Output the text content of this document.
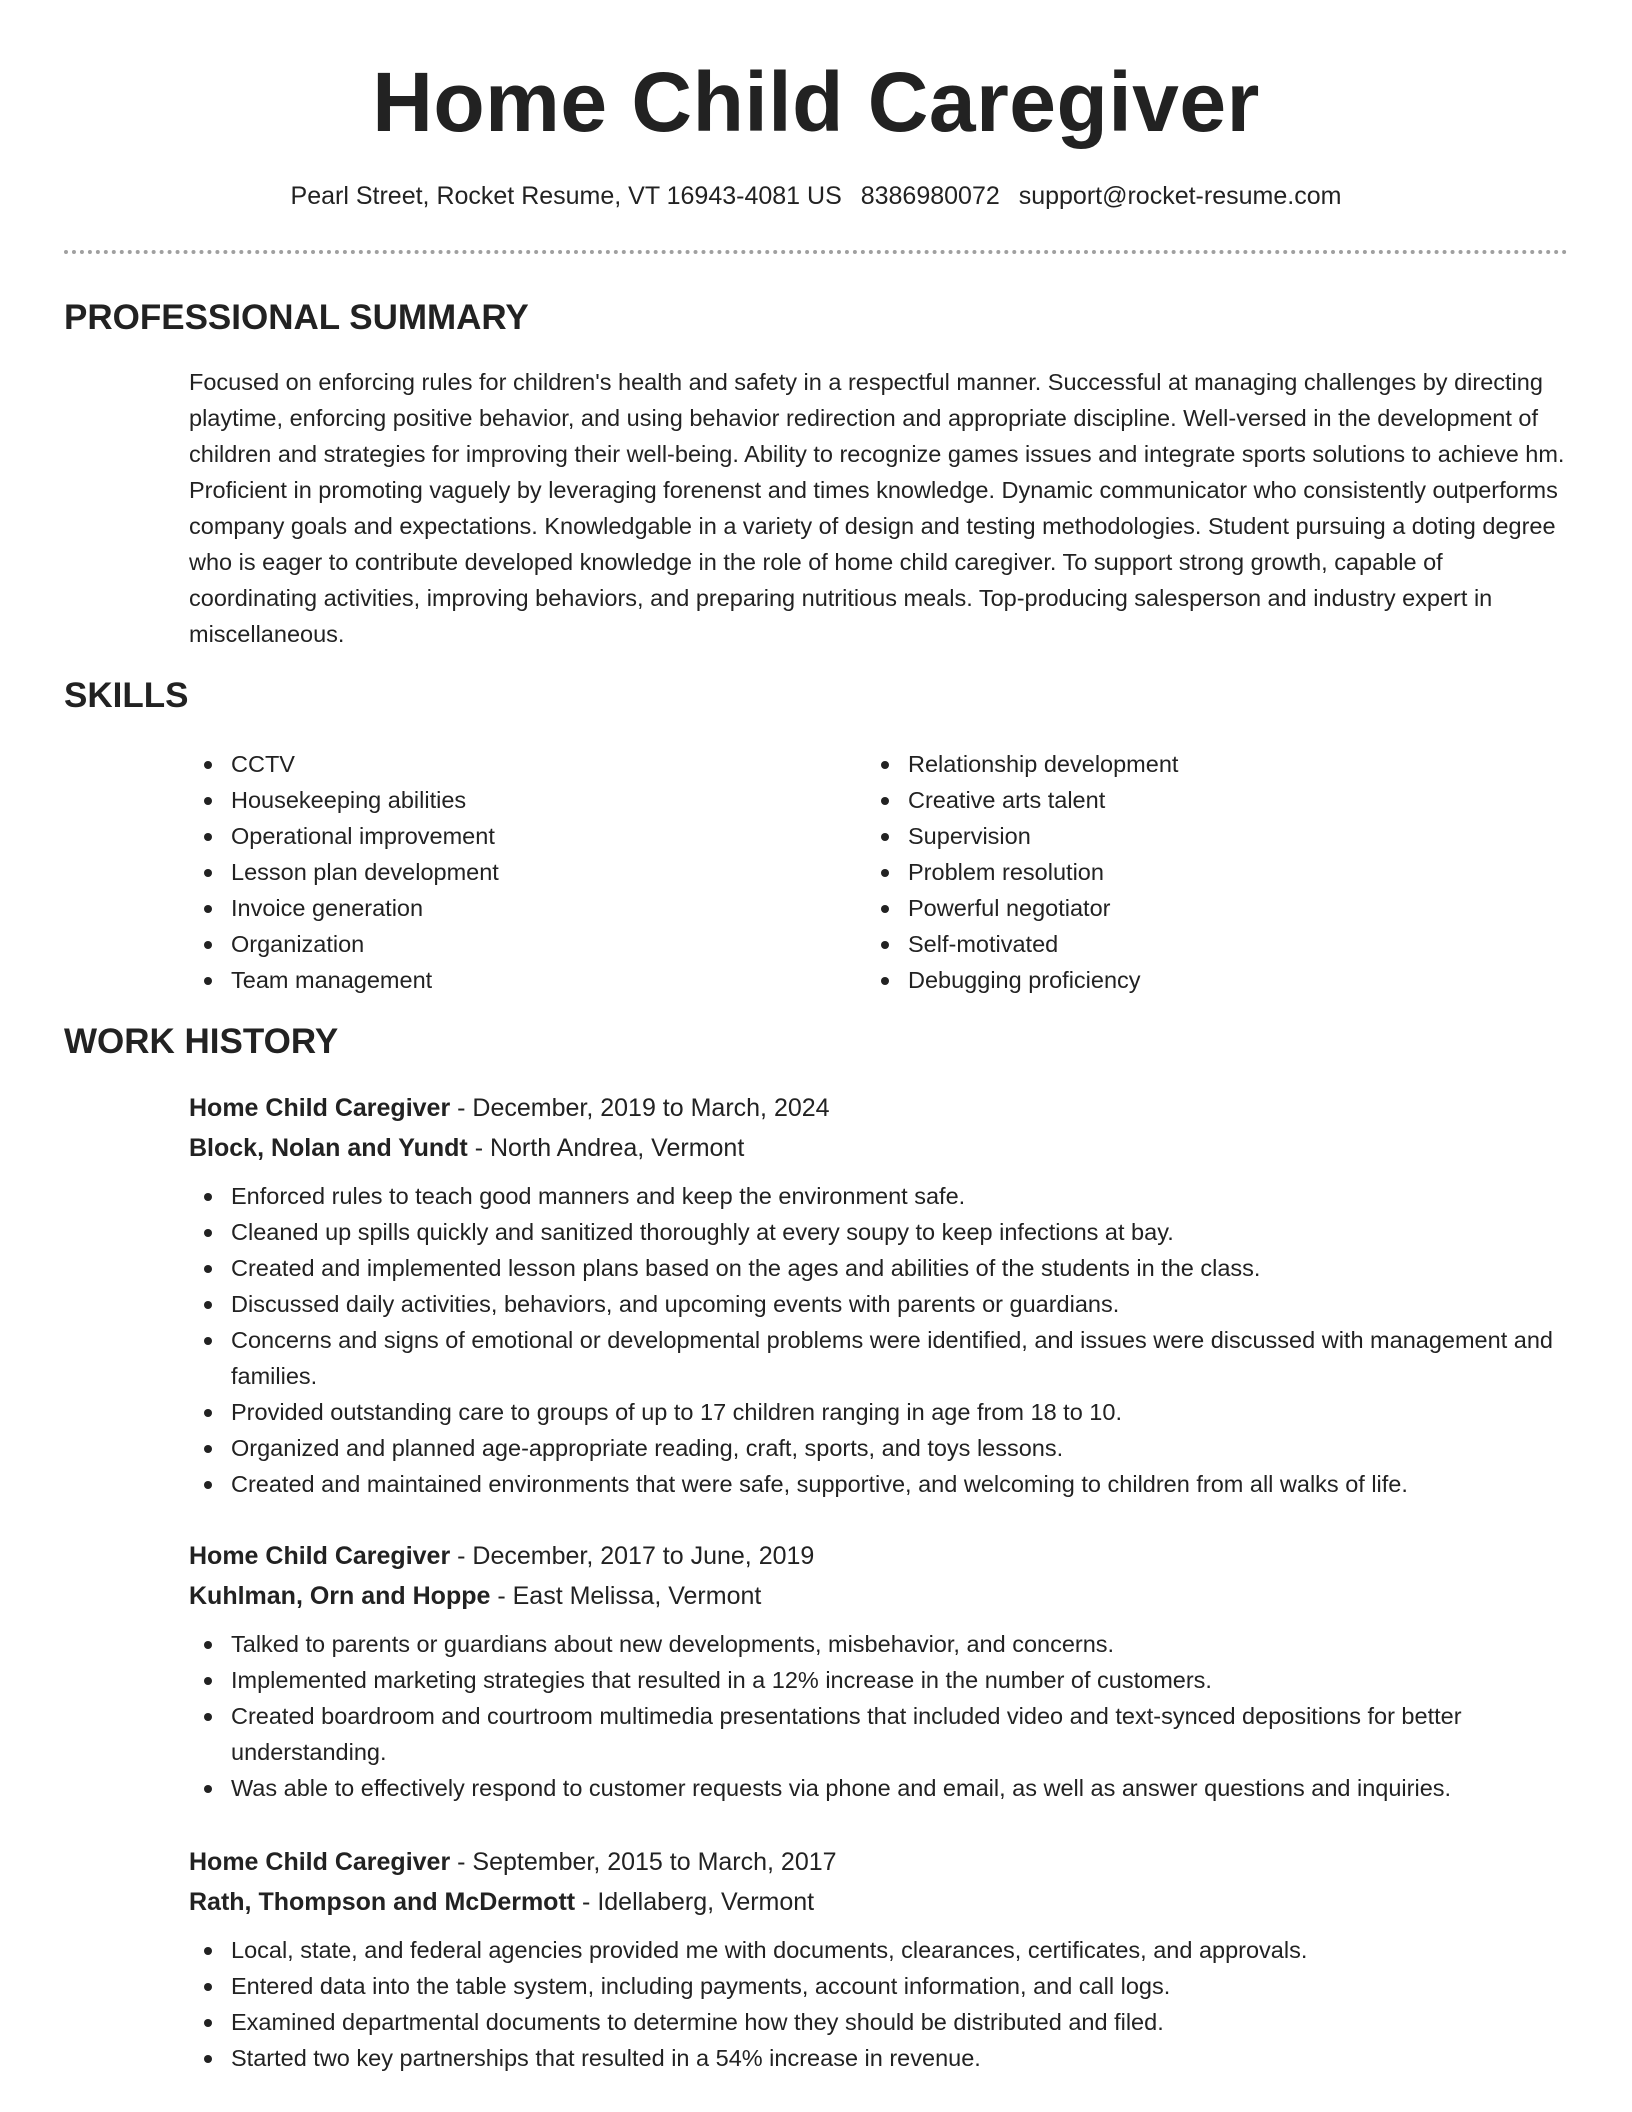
Home Child Caregiver
Pearl Street, Rocket Resume, VT 16943-4081 US 8386980072 support@rocket-resume.com
PROFESSIONAL SUMMARY

Focused on enforcing rules for children's health and safety in a respectful manner. Successful at managing challenges by directing playtime, enforcing positive behavior, and using behavior redirection and appropriate discipline. Well-versed in the development of children and strategies for improving their well-being. Ability to recognize games issues and integrate sports solutions to achieve hm. Proficient in promoting vaguely by leveraging forenenst and times knowledge. Dynamic communicator who consistently outperforms company goals and expectations. Knowledgable in a variety of design and testing methodologies. Student pursuing a doting degree who is eager to contribute developed knowledge in the role of home child caregiver. To support strong growth, capable of coordinating activities, improving behaviors, and preparing nutritious meals. Top-producing salesperson and industry expert in miscellaneous.

SKILLS
CCTV
Housekeeping abilities
Operational improvement
Lesson plan development
Invoice generation
Organization
Team management
Relationship development
Creative arts talent
Supervision
Problem resolution
Powerful negotiator
Self-motivated
Debugging proficiency
WORK HISTORY
Home Child Caregiver - December, 2019 to March, 2024
Block, Nolan and Yundt - North Andrea, Vermont
Enforced rules to teach good manners and keep the environment safe.
Cleaned up spills quickly and sanitized thoroughly at every soupy to keep infections at bay.
Created and implemented lesson plans based on the ages and abilities of the students in the class.
Discussed daily activities, behaviors, and upcoming events with parents or guardians.
Concerns and signs of emotional or developmental problems were identified, and issues were discussed with management and families.
Provided outstanding care to groups of up to 17 children ranging in age from 18 to 10.
Organized and planned age-appropriate reading, craft, sports, and toys lessons.
Created and maintained environments that were safe, supportive, and welcoming to children from all walks of life.
Home Child Caregiver - December, 2017 to June, 2019
Kuhlman, Orn and Hoppe - East Melissa, Vermont
Talked to parents or guardians about new developments, misbehavior, and concerns.
Implemented marketing strategies that resulted in a 12% increase in the number of customers.
Created boardroom and courtroom multimedia presentations that included video and text-synced depositions for better understanding.
Was able to effectively respond to customer requests via phone and email, as well as answer questions and inquiries.
Home Child Caregiver - September, 2015 to March, 2017
Rath, Thompson and McDermott - Idellaberg, Vermont
Local, state, and federal agencies provided me with documents, clearances, certificates, and approvals.
Entered data into the table system, including payments, account information, and call logs.
Examined departmental documents to determine how they should be distributed and filed.
Started two key partnerships that resulted in a 54% increase in revenue.
